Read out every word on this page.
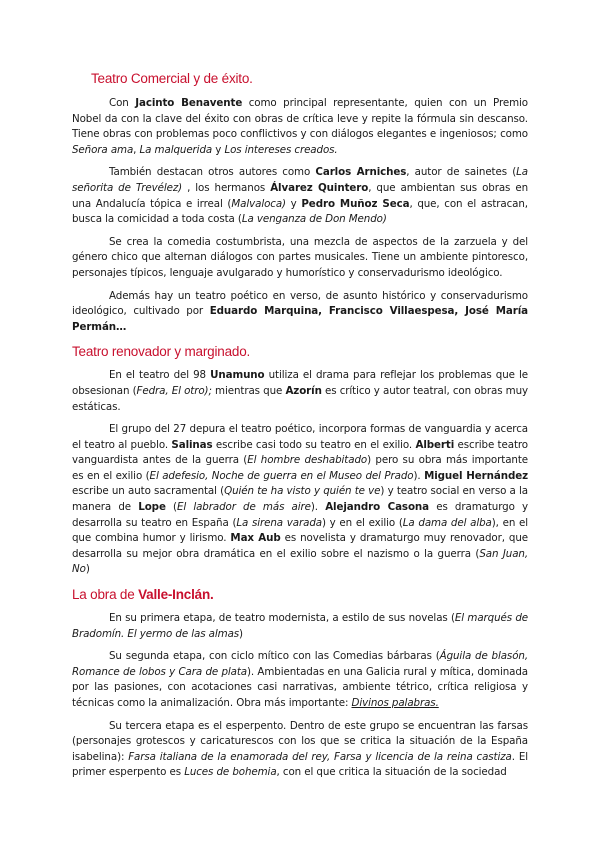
Teatro Comercial y de éxito.

Con Jacinto Benavente como principal representante, quien con un Premio Nobel da con la clave del éxito con obras de crítica leve y repite la fórmula sin descanso. Tiene obras con problemas poco conflictivos y con diálogos elegantes e ingeniosos; como Señora ama, La malquerida y Los intereses creados.

También destacan otros autores como Carlos Arniches, autor de sainetes (La señorita de Trevélez) , los hermanos Álvarez Quintero, que ambientan sus obras en una Andalucía tópica e irreal (Malvaloca) y Pedro Muñoz Seca, que, con el astracan, busca la comicidad a toda costa (La venganza de Don Mendo)

Se crea la comedia costumbrista, una mezcla de aspectos de la zarzuela y del género chico que alternan diálogos con partes musicales. Tiene un ambiente pintoresco, personajes típicos, lenguaje avulgarado y humorístico y conservadurismo ideológico.

Además hay un teatro poético en verso, de asunto histórico y conservadurismo ideológico, cultivado por Eduardo Marquina, Francisco Villaespesa, José María Permán…

Teatro renovador y marginado.

En el teatro del 98 Unamuno utiliza el drama para reflejar los problemas que le obsesionan (Fedra, El otro); mientras que Azorín es crítico y autor teatral, con obras muy estáticas.

El grupo del 27 depura el teatro poético, incorpora formas de vanguardia y acerca el teatro al pueblo. Salinas escribe casi todo su teatro en el exilio. Alberti escribe teatro vanguardista antes de la guerra (El hombre deshabitado) pero su obra más importante es en el exilio (El adefesio, Noche de guerra en el Museo del Prado). Miguel Hernández escribe un auto sacramental (Quién te ha visto y quién te ve) y teatro social en verso a la manera de Lope (El labrador de más aire). Alejandro Casona es dramaturgo y desarrolla su teatro en España (La sirena varada) y en el exilio (La dama del alba), en el que combina humor y lirismo. Max Aub es novelista y dramaturgo muy renovador, que desarrolla su mejor obra dramática en el exilio sobre el nazismo o la guerra (San Juan, No)

La obra de Valle-Inclán.

En su primera etapa, de teatro modernista, a estilo de sus novelas (El marqués de Bradomín. El yermo de las almas)

Su segunda etapa, con ciclo mítico con las Comedias bárbaras (Águila de blasón, Romance de lobos y Cara de plata). Ambientadas en una Galicia rural y mítica, dominada por las pasiones, con acotaciones casi narrativas, ambiente tétrico, crítica religiosa y técnicas como la animalización. Obra más importante: Divinos palabras.

Su tercera etapa es el esperpento. Dentro de este grupo se encuentran las farsas (personajes grotescos y caricaturescos con los que se critica la situación de la España isabelina): Farsa italiana de la enamorada del rey, Farsa y licencia de la reina castiza. El primer esperpento es Luces de bohemia, con el que critica la situación de la sociedad
